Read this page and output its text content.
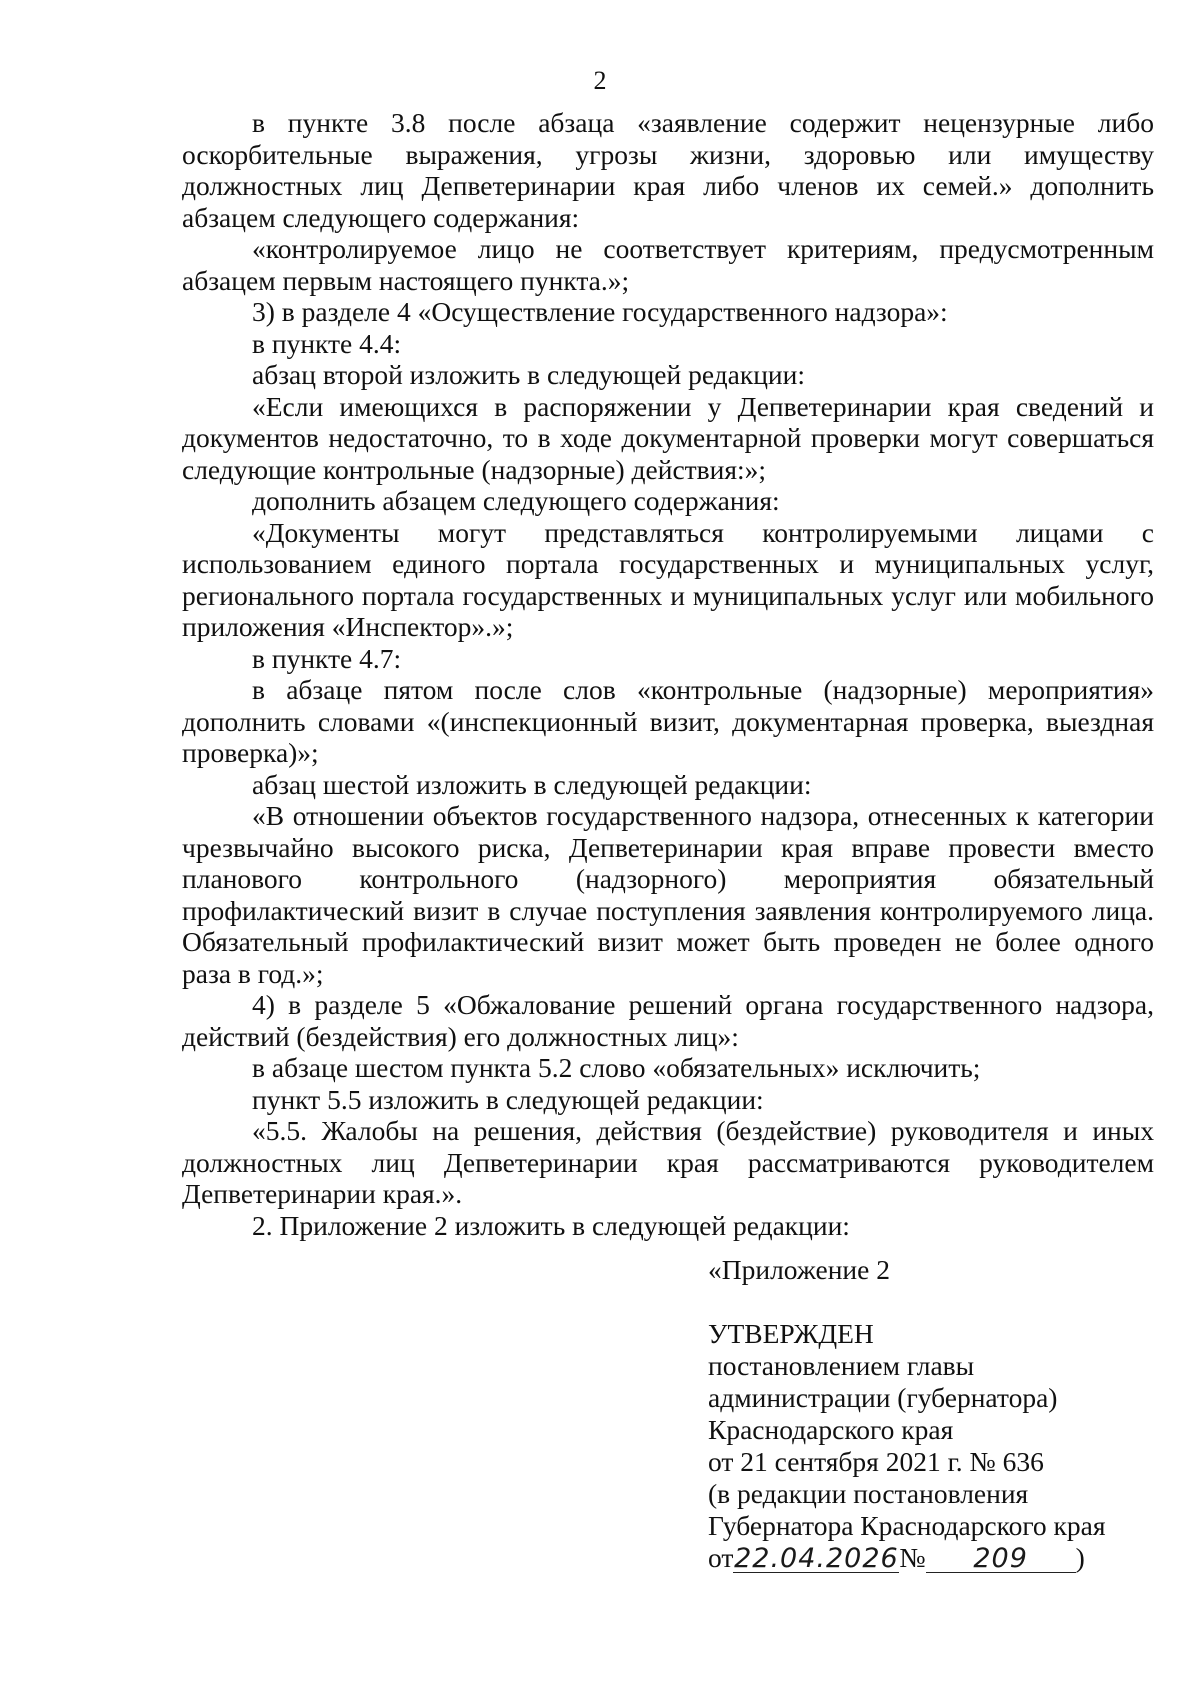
2

в пункте 3.8 после абзаца «заявление содержит нецензурные либо оскорбительные выражения, угрозы жизни, здоровью или имуществу должностных лиц Депветеринарии края либо членов их семей.» дополнить абзацем следующего содержания:

«контролируемое лицо не соответствует критериям, предусмотренным абзацем первым настоящего пункта.»;

3) в разделе 4 «Осуществление государственного надзора»:

в пункте 4.4:

абзац второй изложить в следующей редакции:

«Если имеющихся в распоряжении у Депветеринарии края сведений и документов недостаточно, то в ходе документарной проверки могут совершаться следующие контрольные (надзорные) действия:»;

дополнить абзацем следующего содержания:

«Документы могут представляться контролируемыми лицами с использованием единого портала государственных и муниципальных услуг, регионального портала государственных и муниципальных услуг или мобильного приложения «Инспектор».»;

в пункте 4.7:

в абзаце пятом после слов «контрольные (надзорные) мероприятия» дополнить словами «(инспекционный визит, документарная проверка, выездная проверка)»;

абзац шестой изложить в следующей редакции:

«В отношении объектов государственного надзора, отнесенных к категории чрезвычайно высокого риска, Депветеринарии края вправе провести вместо планового контрольного (надзорного) мероприятия обязательный профилактический визит в случае поступления заявления контролируемого лица. Обязательный профилактический визит может быть проведен не более одного раза в год.»;

4) в разделе 5 «Обжалование решений органа государственного надзора, действий (бездействия) его должностных лиц»:

в абзаце шестом пункта 5.2 слово «обязательных» исключить;

пункт 5.5 изложить в следующей редакции:

«5.5. Жалобы на решения, действия (бездействие) руководителя и иных должностных лиц Депветеринарии края рассматриваются руководителем Депветеринарии края.».

2. Приложение 2 изложить в следующей редакции:

«Приложение 2
УТВЕРЖДЕН
постановлением главы
администрации (губернатора)
Краснодарского края
от 21 сентября 2021 г. № 636
(в редакции постановления
Губернатора Краснодарского края
от22.04.2026№ 209 )
